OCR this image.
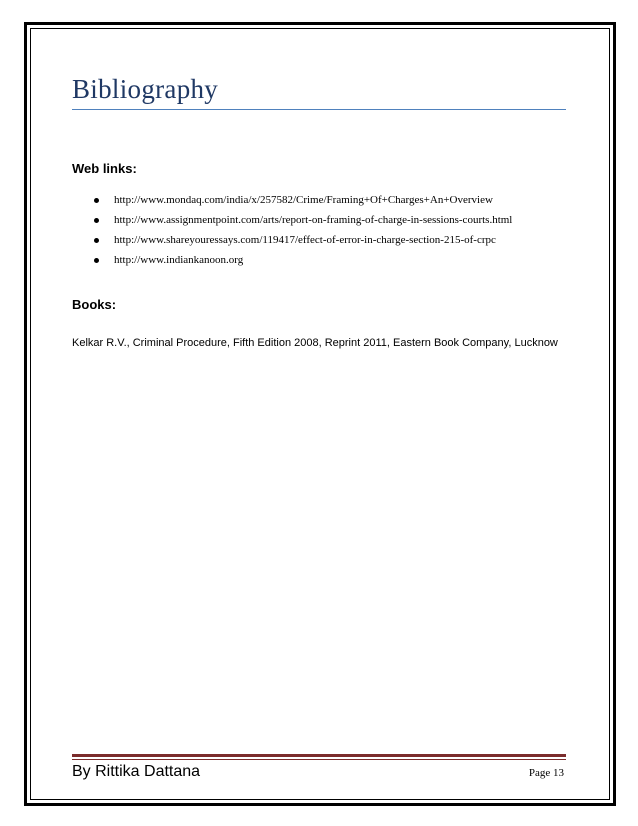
Bibliography
Web links:
http://www.mondaq.com/india/x/257582/Crime/Framing+Of+Charges+An+Overview
http://www.assignmentpoint.com/arts/report-on-framing-of-charge-in-sessions-courts.html
http://www.shareyouressays.com/119417/effect-of-error-in-charge-section-215-of-crpc
http://www.indiankanoon.org
Books:
Kelkar R.V., Criminal Procedure, Fifth Edition 2008, Reprint 2011, Eastern Book Company, Lucknow
By Rittika Dattana	Page 13
